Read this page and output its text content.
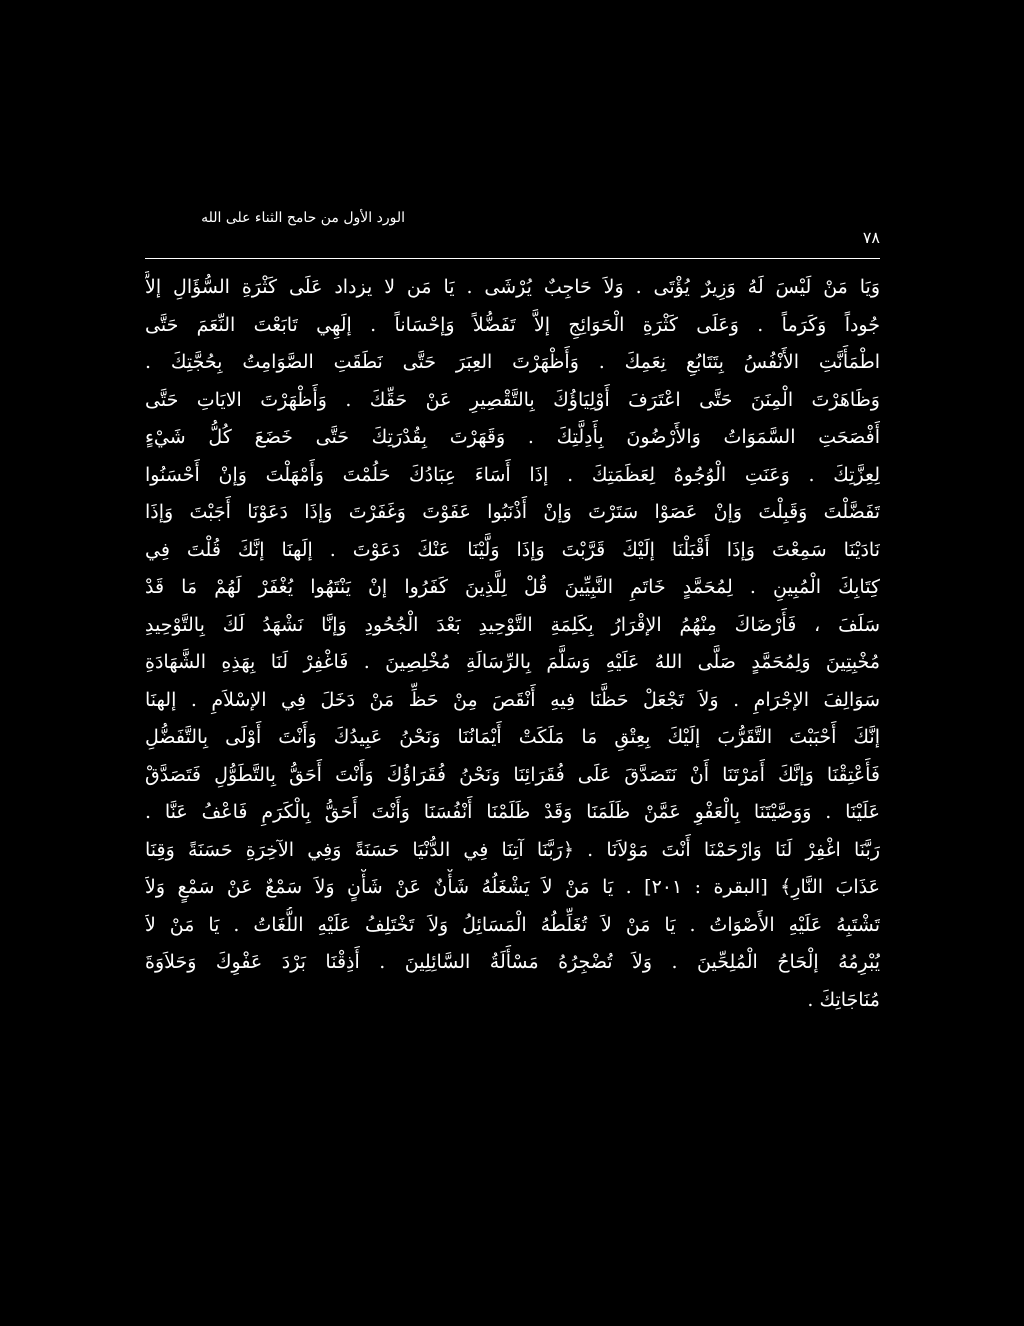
الورد الأول من حامح الثناء على الله
٧٨
وَيَا مَنْ لَيْسَ لَهُ وَزِيرٌ يُؤْتَى . وَلاَ حَاجِبٌ يُرْشَى . يَا مَن لا يزداد عَلَى كَثْرَةِ السُّؤَالِ إلاَّ
جُوداً وَكَرَماً . وَعَلَى كَثْرَةِ الْحَوَائِجِ إلاَّ تَفَضُّلاً وَإحْسَاناً . إلَهِي تَابَعْتَ النِّعَمَ حَتَّى
اطْمَأَنَّتِ الأَنْفُسُ بِتَتَابُعِ نِعَمِكَ . وَأَظْهَرْتَ العِبَرَ حَتَّى نَطَقَتِ الصَّوَامِتُ بِحُجَّتِكَ .
وَظَاهَرْتَ الْمِنَنَ حَتَّى اعْتَرَفَ أَوْلِيَاؤُكَ بِالتَّقْصِيرِ عَنْ حَقِّكَ . وَأَظْهَرْتَ الايَاتِ حَتَّى
أَفْصَحَتِ السَّمَوَاتُ وَالأَرْضُونَ بِأَدِلَّتِكَ . وَقَهَرْتَ بِقُدْرَتِكَ حَتَّى خَضَعَ كُلُّ شَيْءٍ
لِعِزَّتِكَ . وَعَنَتِ الْوُجُوهُ لِعَظَمَتِكَ . إذَا أَسَاءَ عِبَادُكَ حَلُمْتَ وَأَمْهَلْتَ وَإنْ أَحْسَنُوا
تَفَضَّلْتَ وَقَبِلْتَ وَإنْ عَصَوْا سَتَرْتَ وَإنْ أَذْنَبُوا عَفَوْتَ وَغَفَرْتَ وَإذَا دَعَوْنَا أَجَبْتَ وَإذَا
نَادَيْنَا سَمِعْتَ وَإذَا أَقْبَلْنَا إلَيْكَ قَرَّبْتَ وَإذَا وَلَّيْنَا عَنْكَ دَعَوْتَ . إلَهنَا إنَّكَ قُلْتَ فِي
كِتَابِكَ الْمُبِينِ . لِمُحَمَّدٍ خَاتَمِ النَّبِيِّينَ قُلْ لِلَّذِينَ كَفَرُوا إنْ يَنْتَهُوا يُغْفَرْ لَهُمْ مَا قَدْ
سَلَفَ ، فَأَرْضَاكَ مِنْهُمُ الإقْرَارُ بِكَلِمَةِ التَّوْحِيدِ بَعْدَ الْجُحُودِ وَإنَّا نَشْهَدُ لَكَ بِالتَّوْحِيدِ
مُخْبِتِينَ وَلِمُحَمَّدٍ صَلَّى اللهُ عَلَيْهِ وَسَلَّمَ بِالرِّسَالَةِ مُخْلِصِينَ . فَاغْفِرْ لَنَا بِهَذِهِ الشَّهَادَةِ
سَوَالِفَ الإجْرَامِ . وَلاَ تَجْعَلْ حَظَّنَا فِيهِ أَنْقَصَ مِنْ حَظِّ مَنْ دَخَلَ فِي الإسْلاَمِ . إلهنَا
إنَّكَ أَحْبَبْتَ التَّقَرُّبَ إلَيْكَ بِعِتْقِ مَا مَلَكَتْ أَيْمَانُنَا وَنَحْنُ عَبِيدُكَ وَأَنْتَ أَوْلَى بِالتَّفَضُّلِ
فَأَعْتِقْنَا وَإنَّكَ أَمَرْتَنَا أَنْ نَتَصَدَّقَ عَلَى فُقَرَائِنَا وَنَحْنُ فُقَرَاؤُكَ وَأَنْتَ أَحَقُّ بِالتَّطَوُّلِ فَتَصَدَّقْ
عَلَيْنَا . وَوَصَّيْتَنَا بِالْعَفْوِ عَمَّنْ ظَلَمَنَا وَقَدْ ظَلَمْنَا أَنْفُسَنَا وَأَنْتَ أَحَقُّ بِالْكَرَمِ فَاعْفُ عَنَّا .
رَبَّنَا اغْفِرْ لَنَا وَارْحَمْنَا أَنْتَ مَوْلاَنَا . ﴿رَبَّنَا آتِنَا فِي الدُّنْيَا حَسَنَةً وَفِي الآخِرَةِ حَسَنَةً وَقِنَا
عَذَابَ النَّارِ﴾ [البقرة : ٢٠١] . يَا مَنْ لاَ يَشْغَلُهُ شَأْنٌ عَنْ شَأْنٍ وَلاَ سَمْعٌ عَنْ سَمْعٍ وَلاَ
تَشْتَبِهُ عَلَيْهِ الأَصْوَاتُ . يَا مَنْ لاَ تُغَلِّطُهُ الْمَسَائِلُ وَلاَ تَخْتَلِفُ عَلَيْهِ اللُّغَاتُ . يَا مَنْ لاَ
يُبْرِمُهُ إلْحَاحُ الْمُلِحِّينَ . وَلاَ تُضْجِرُهُ مَسْأَلَةُ السَّائِلِينَ . أَذِقْنَا بَرْدَ عَفْوِكَ وَحَلاَوَةَ
مُنَاجَاتِكَ .
